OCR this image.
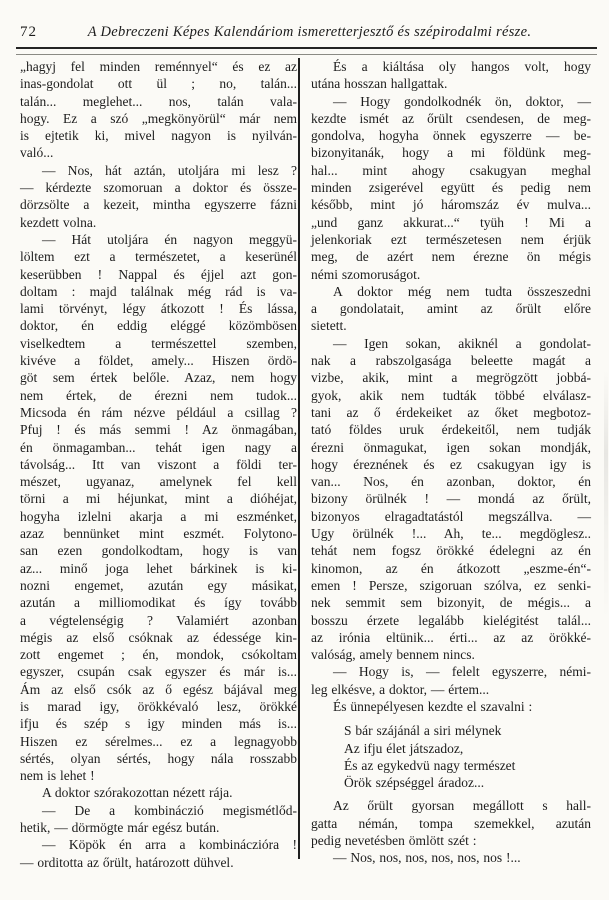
72	A Debreczeni Képes Kalendáriom ismeretterjesztő és szépirodalmi része.
„hagyj fel minden reménnyel“ és ez az
inas-gondolat ott ül ; no, talán...
talán... meglehet... nos, talán vala-
hogy. Ez a szó „megkönyörül“ már nem
is ejtetik ki, mivel nagyon is nyilván-
való...
— Nos, hát aztán, utoljára mi lesz ?
— kérdezte szomoruan a doktor és össze-
dörzsölte a kezeit, mintha egyszerre fázni
kezdett volna.
— Hát utoljára én nagyon meggyü-
löltem ezt a természetet, a keserünél
keserübben ! Nappal és éjjel azt gon-
doltam : majd találnak még rád is va-
lami törvényt, légy átkozott ! És lássa,
doktor, én eddig eléggé közömbösen
viselkedtem a természettel szemben,
kivéve a földet, amely... Hiszen ördö-
göt sem értek belőle. Azaz, nem hogy
nem értek, de érezni nem tudok...
Micsoda én rám nézve például a csillag ?
Pfuj ! és más semmi ! Az önmagában,
én önmagamban... tehát igen nagy a
távolság... Itt van viszont a földi ter-
mészet, ugyanaz, amelynek fel kell
törni a mi héjunkat, mint a dióhéjat,
hogyha izlelni akarja a mi eszménket,
azaz bennünket mint eszmét. Folytono-
san ezen gondolkodtam, hogy is van
az... minő joga lehet bárkinek is ki-
nozni engemet, azután egy másikat,
azután a milliomodikat és így tovább
a végtelenségig ? Valamiért azonban
mégis az első csóknak az édessége kin-
zott engemet ; én, mondok, csókoltam
egyszer, csupán csak egyszer és már is...
Ám az első csók az ő egész bájával meg
is marad igy, örökkévaló lesz, örökké
ifju és szép s igy minden más is...
Hiszen ez sérelmes... ez a legnagyobb
sértés, olyan sértés, hogy nála rosszabb
nem is lehet !
A doktor szórakozottan nézett rája.
— De a kombináczió megismétlőd-
hetik, — dörmögte már egész bután.
— Köpök én arra a kombináczióra !
— orditotta az őrült, határozott dühvel.
És a kiáltása oly hangos volt, hogy
utána hosszan hallgattak.
— Hogy gondolkodnék ön, doktor, —
kezdte ismét az őrült csendesen, de meg-
gondolva, hogyha önnek egyszerre — be-
bizonyitanák, hogy a mi földünk meg-
hal... mint ahogy csakugyan meghal
minden zsigerével együtt és pedig nem
később, mint jó háromszáz év mulva...
„und ganz akkurat...“ tyüh ! Mi a
jelenkoriak ezt természetesen nem érjük
meg, de azért nem érezne ön mégis
némi szomoruságot.
A doktor még nem tudta összeszedni
a gondolatait, amint az őrült előre
sietett.
— Igen sokan, akiknél a gondolat-
nak a rabszolgasága beleette magát a
vizbe, akik, mint a megrögzött jobbá-
gyok, akik nem tudták többé elválasz-
tani az ő érdekeiket az őket megbotoz-
tató földes uruk érdekeitől, nem tudják
érezni önmagukat, igen sokan mondják,
hogy éreznének és ez csakugyan igy is
van... Nos, én azonban, doktor, én
bizony örülnék ! — mondá az őrült,
bizonyos elragadtatástól megszállva. —
Ugy örülnék !... Ah, te... megdöglesz..
tehát nem fogsz örökké édelegni az én
kinomon, az én átkozott „eszme-én“-
emen ! Persze, szigoruan szólva, ez senki-
nek semmit sem bizonyit, de mégis... a
bosszu érzete legalább kielégitést talál...
az irónia eltünik... érti... az az örökké-
valóság, amely bennem nincs.
— Hogy is, — felelt egyszerre, némi-
leg elkésve, a doktor, — értem...
És ünnepélyesen kezdte el szavalni :
S bár szájánál a siri mélynek
Az ifju élet játszadoz,
És az egykedvü nagy természet
Örök szépséggel áradoz...
Az őrült gyorsan megállott s hall-
gatta némán, tompa szemekkel, azután
pedig nevetésben ömlött szét :
— Nos, nos, nos, nos, nos, nos !...
